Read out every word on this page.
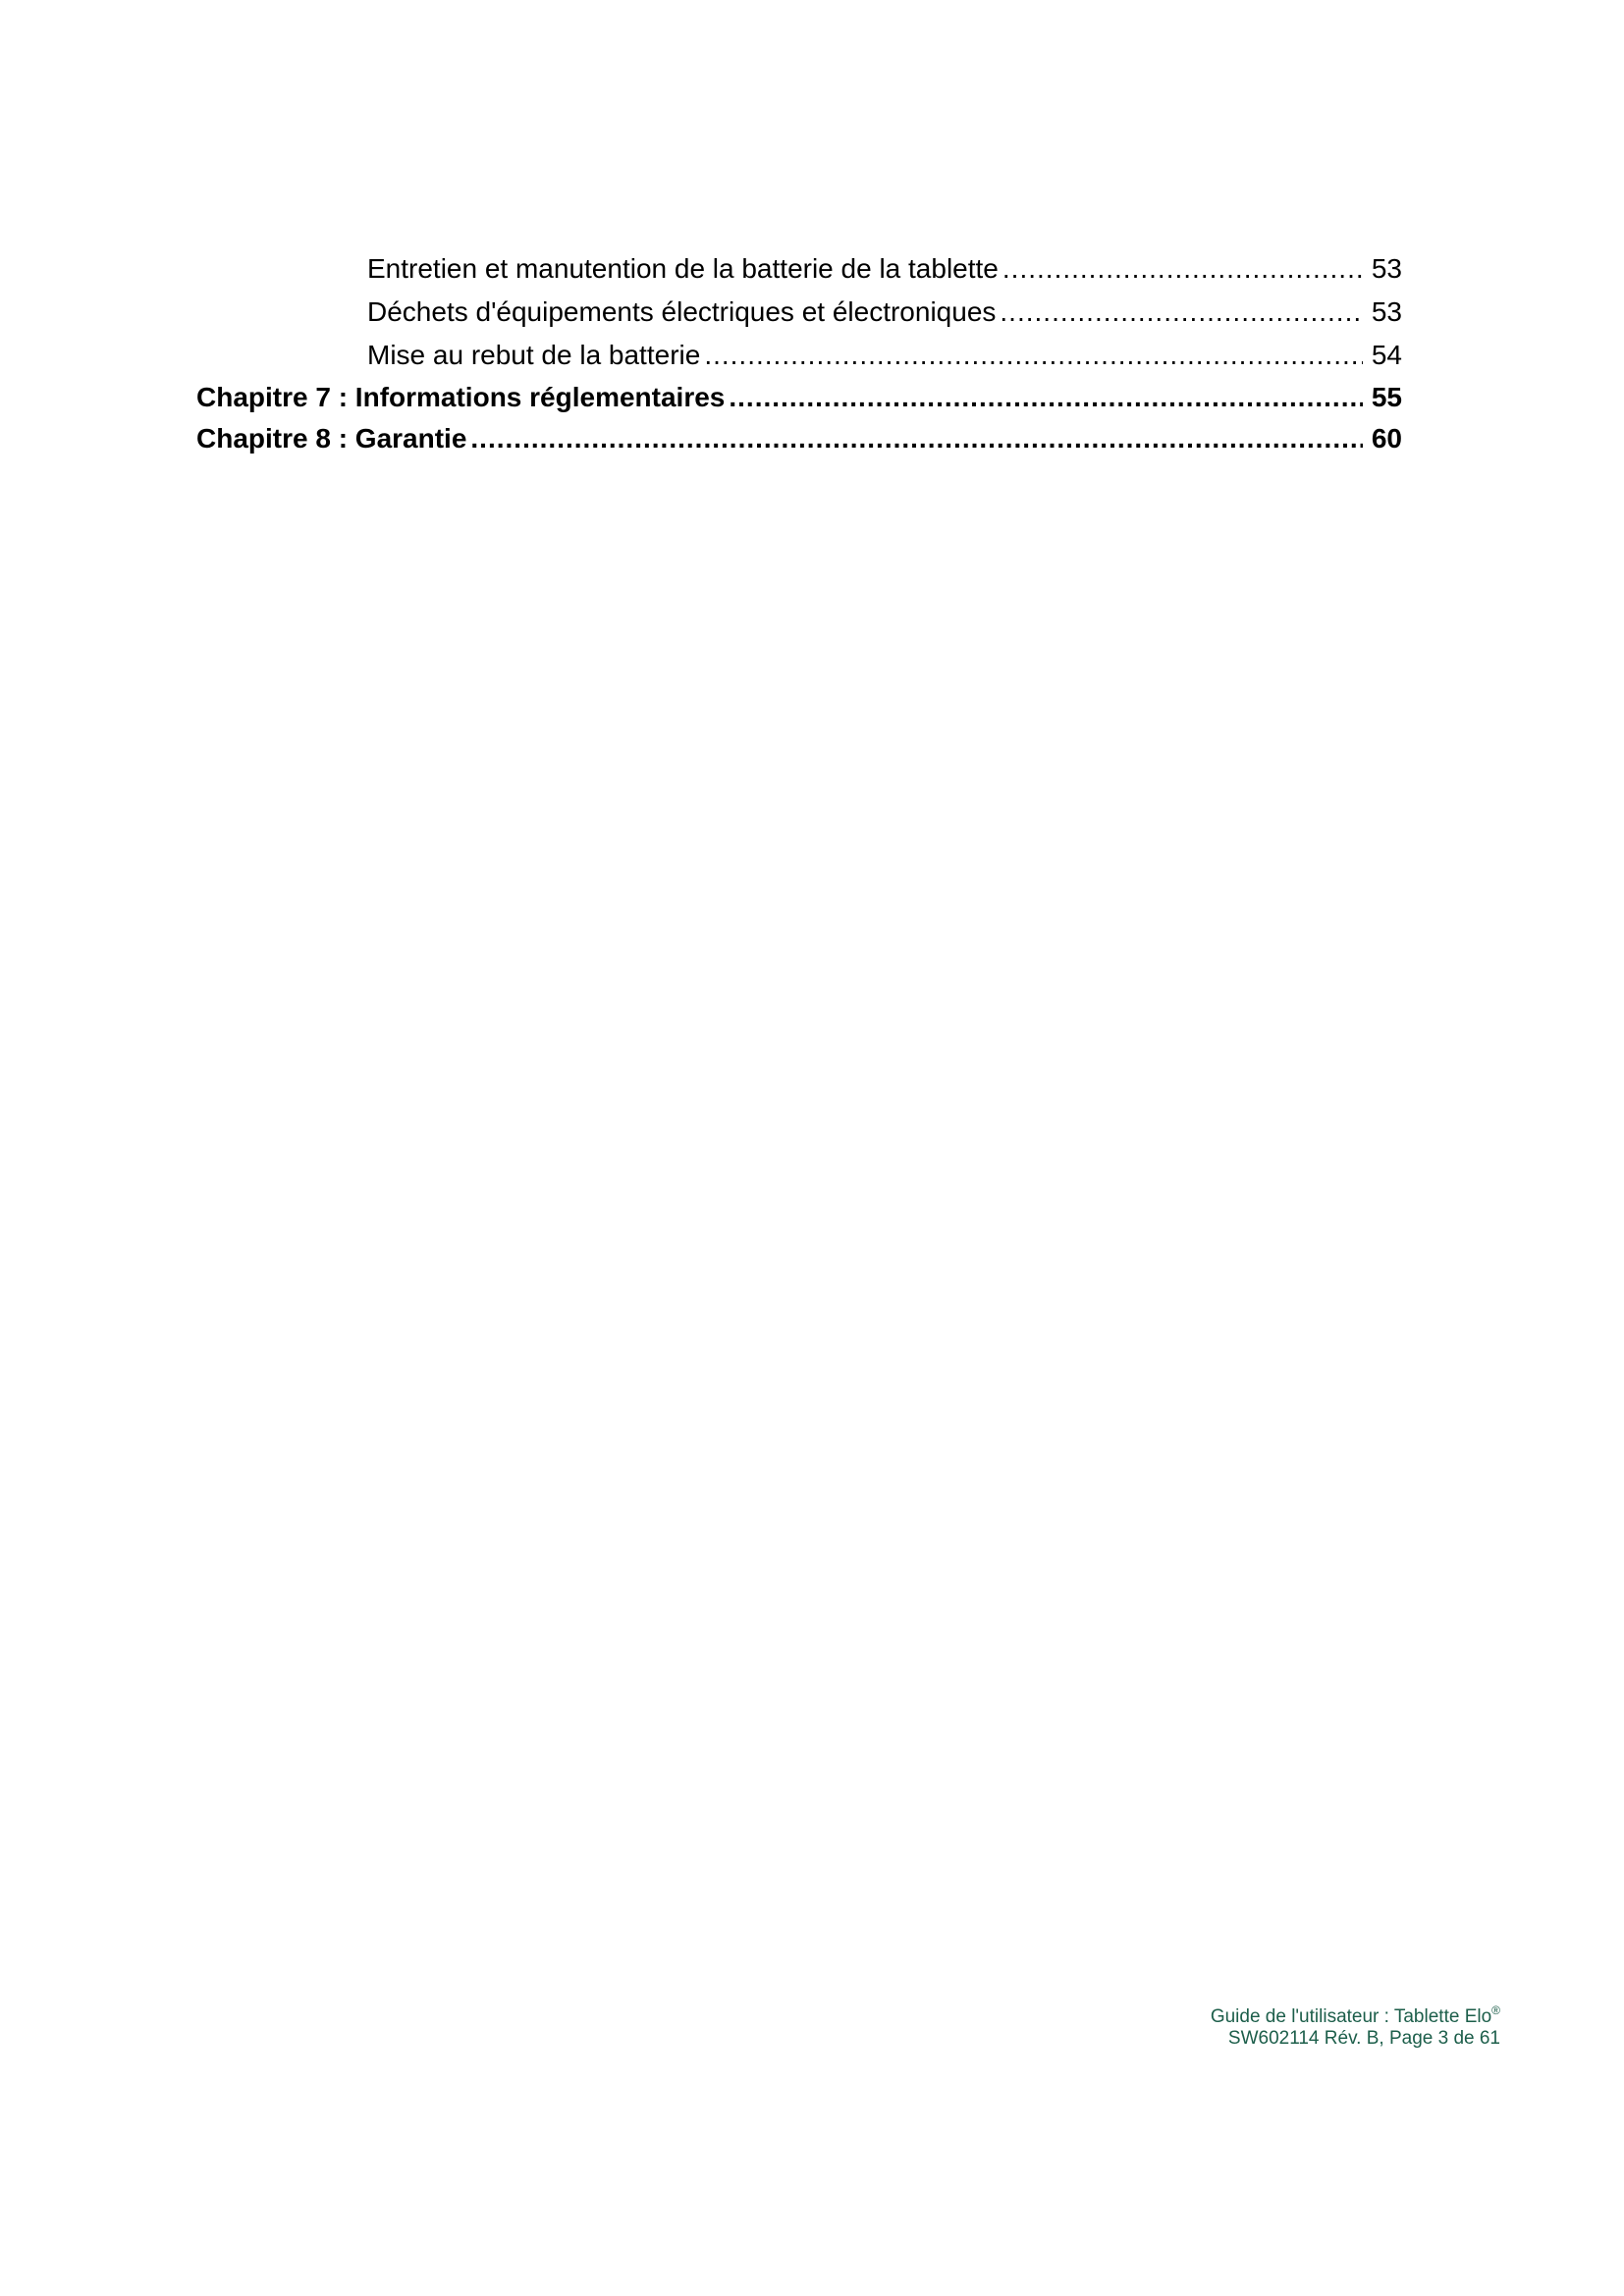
Entretien et manutention de la batterie de la tablette .....	53
Déchets d'équipements électriques et électroniques .....	53
Mise au rebut de la batterie .....	54
Chapitre 7 : Informations réglementaires .....	55
Chapitre 8 : Garantie .....	60
Guide de l'utilisateur : Tablette Elo®
SW602114 Rév. B, Page 3 de 61
